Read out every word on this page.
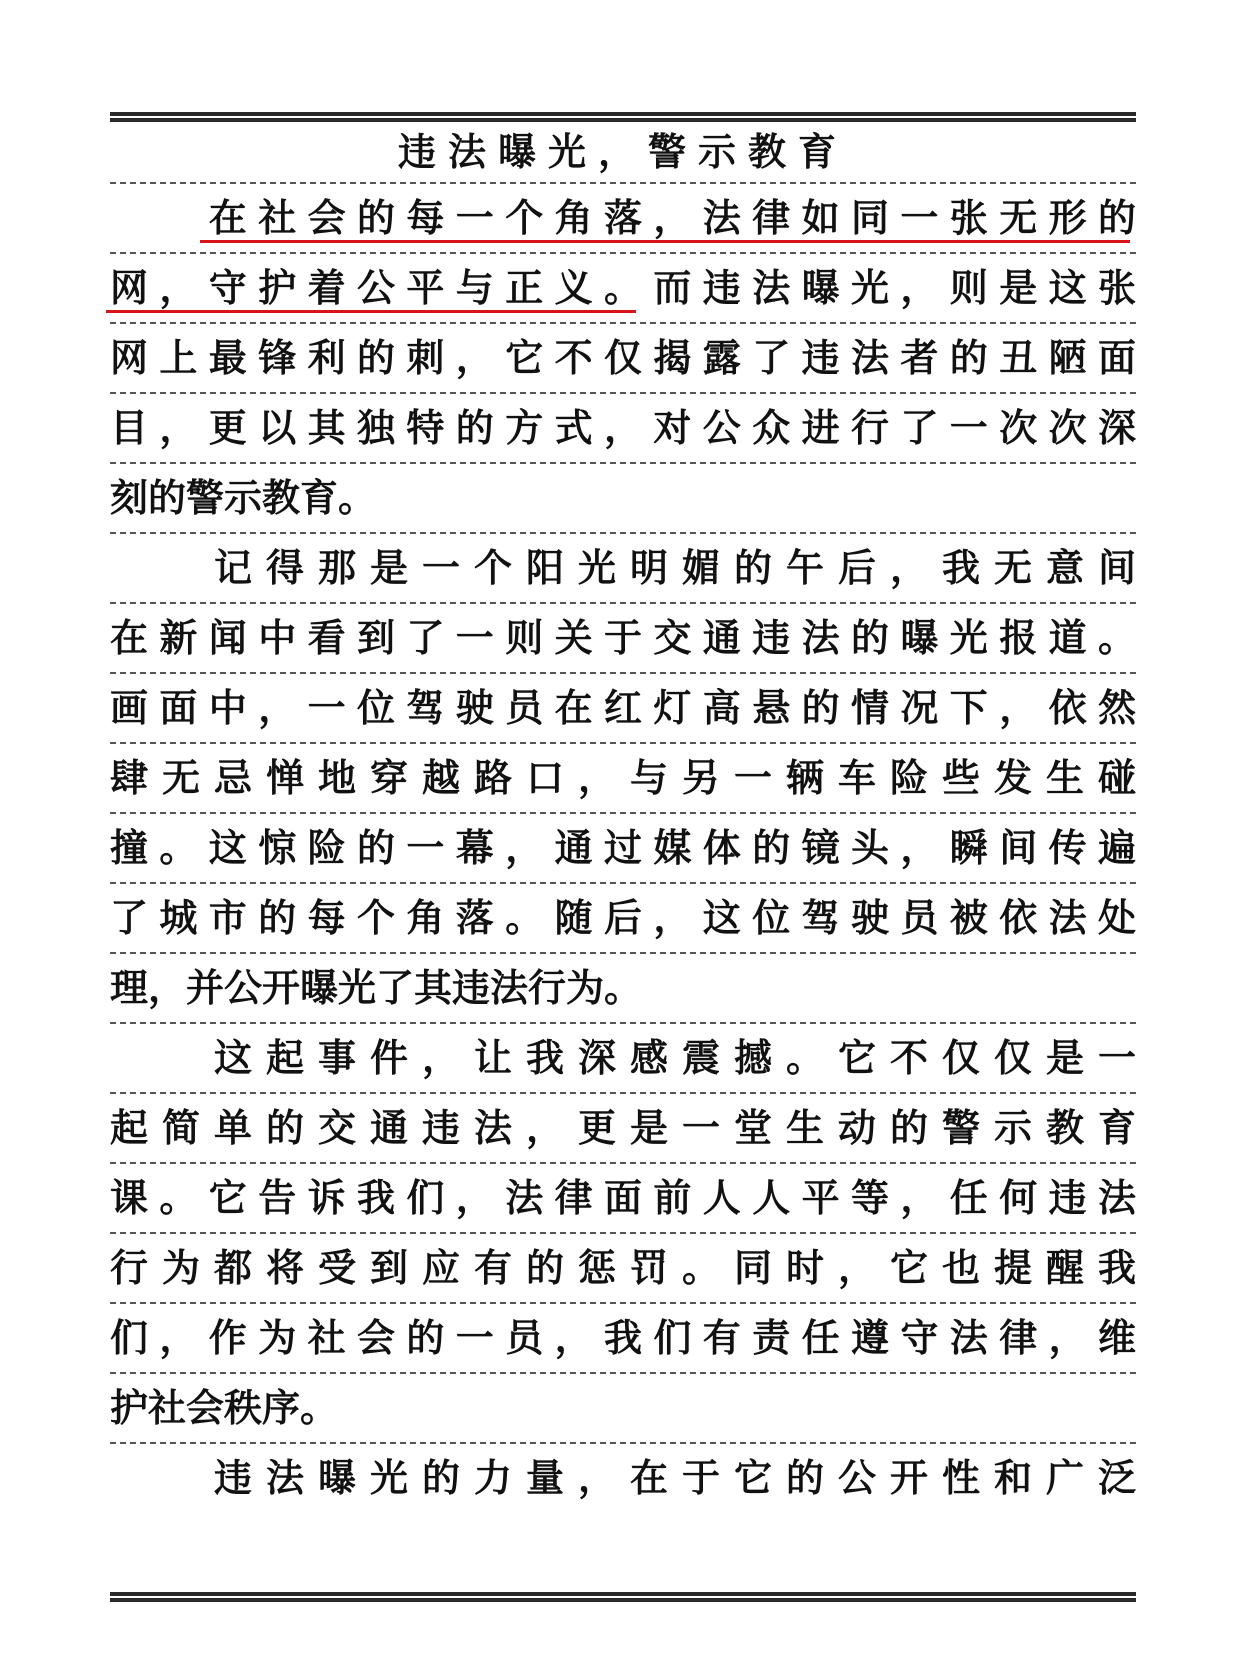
违法曝光，警示教育
　　在社会的每一个角落，法律如同一张无形的
网，守护着公平与正义。而违法曝光，则是这张
网上最锋利的刺，它不仅揭露了违法者的丑陋面
目，更以其独特的方式，对公众进行了一次次深
刻的警示教育。
　　记得那是一个阳光明媚的午后，我无意间
在新闻中看到了一则关于交通违法的曝光报道。
画面中，一位驾驶员在红灯高悬的情况下，依然
肆无忌惮地穿越路口，与另一辆车险些发生碰
撞。这惊险的一幕，通过媒体的镜头，瞬间传遍
了城市的每个角落。随后，这位驾驶员被依法处
理，并公开曝光了其违法行为。
　　这起事件，让我深感震撼。它不仅仅是一
起简单的交通违法，更是一堂生动的警示教育
课。它告诉我们，法律面前人人平等，任何违法
行为都将受到应有的惩罚。同时，它也提醒我
们，作为社会的一员，我们有责任遵守法律，维
护社会秩序。
　　违法曝光的力量，在于它的公开性和广泛
